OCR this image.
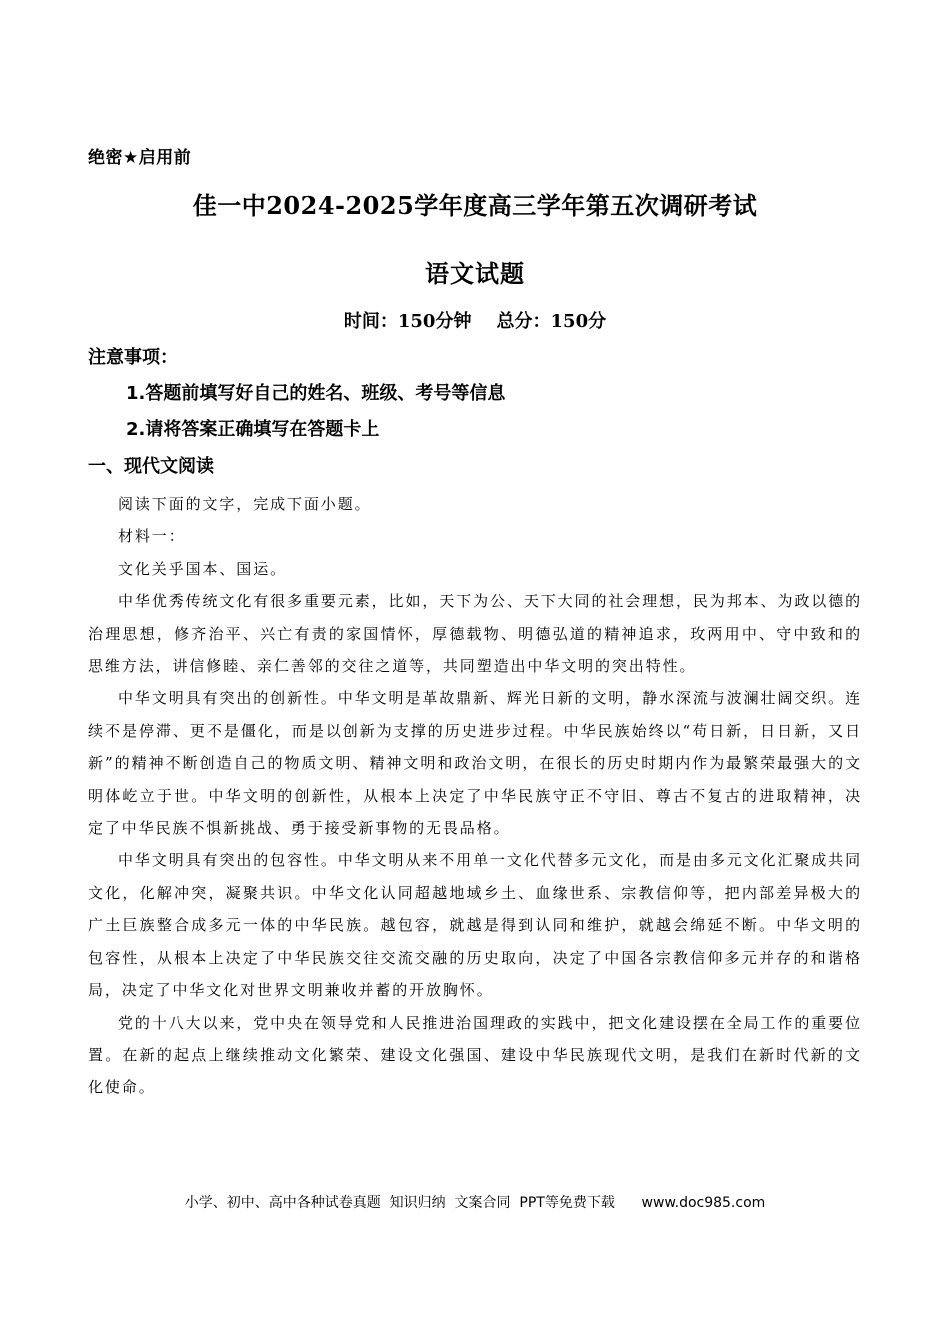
绝密★启用前
佳一中2024-2025学年度高三学年第五次调研考试
语文试题
时间：150分钟 总分：150分
注意事项：
1.答题前填写好自己的姓名、班级、考号等信息
2.请将答案正确填写在答题卡上
一、现代文阅读

阅读下面的文字，完成下面小题。

材料一：

文化关乎国本、国运。

中华优秀传统文化有很多重要元素，比如，天下为公、天下大同的社会理想，民为邦本、为政以德的治理思想，修齐治平、兴亡有责的家国情怀，厚德载物、明德弘道的精神追求，玫两用中、守中致和的思维方法，讲信修睦、亲仁善邻的交往之道等，共同塑造出中华文明的突出特性。

中华文明具有突出的创新性。中华文明是革故鼎新、辉光日新的文明，静水深流与波澜壮阔交织。连续不是停滞、更不是僵化，而是以创新为支撑的历史进步过程。中华民族始终以“苟日新，日日新，又日新”的精神不断创造自己的物质文明、精神文明和政治文明，在很长的历史时期内作为最繁荣最强大的文明体屹立于世。中华文明的创新性，从根本上决定了中华民族守正不守旧、尊古不复古的进取精神，决定了中华民族不惧新挑战、勇于接受新事物的无畏品格。

中华文明具有突出的包容性。中华文明从来不用单一文化代替多元文化，而是由多元文化汇聚成共同文化，化解冲突，凝聚共识。中华文化认同超越地域乡土、血缘世系、宗教信仰等，把内部差异极大的广土巨族整合成多元一体的中华民族。越包容，就越是得到认同和维护，就越会绵延不断。中华文明的包容性，从根本上决定了中华民族交往交流交融的历史取向，决定了中国各宗教信仰多元并存的和谐格局，决定了中华文化对世界文明兼收并蓄的开放胸怀。

党的十八大以来，党中央在领导党和人民推进治国理政的实践中，把文化建设摆在全局工作的重要位置。在新的起点上继续推动文化繁荣、建设文化强国、建设中华民族现代文明，是我们在新时代新的文化使命。

小学、初中、高中各种试卷真题  知识归纳  文案合同  PPT等免费下载 www.doc985.com
